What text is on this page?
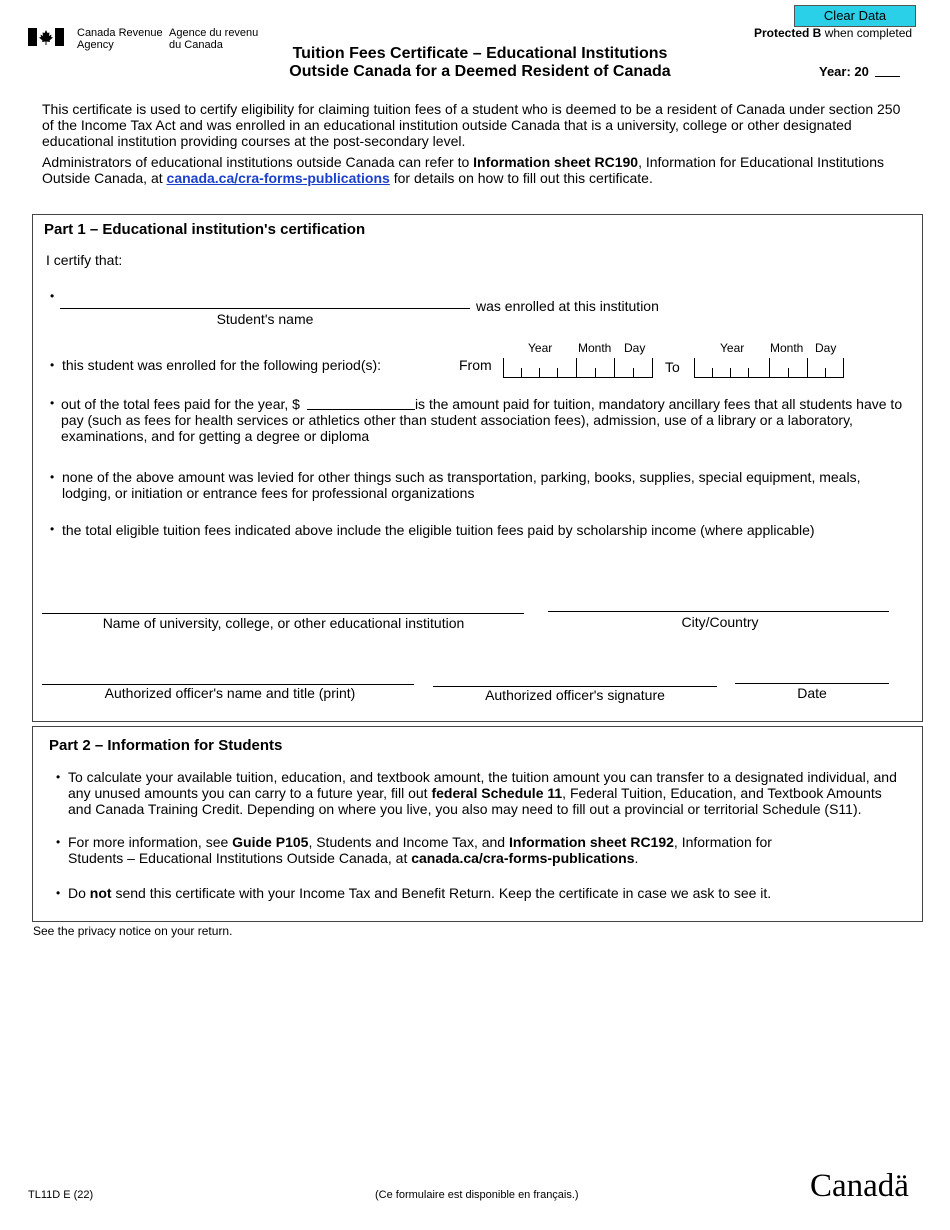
Canada Revenue
Agency
Agence du revenu
du Canada
Clear Data
Protected B when completed
Tuition Fees Certificate – Educational Institutions
Outside Canada for a Deemed Resident of Canada	Year: 20

This certificate is used to certify eligibility for claiming tuition fees of a student who is deemed to be a resident of Canada under section 250 of the Income Tax Act and was enrolled in an educational institution outside Canada that is a university, college or other designated educational institution providing courses at the post-secondary level.

Administrators of educational institutions outside Canada can refer to Information sheet RC190, Information for Educational Institutions Outside Canada, at canada.ca/cra-forms-publications for details on how to fill out this certificate.

Part 1 – Educational institution's certification
I certify that:
•
was enrolled at this institution
Student's name
• this student was enrolled for the following period(s):	From
Year Month Day
To
Year Month Day
• out of the total fees paid for the year, $	is the amount paid for tuition, mandatory ancillary fees that all students have to pay (such as fees for health services or athletics other than student association fees), admission, use of a library or a laboratory, examinations, and for getting a degree or diploma
• none of the above amount was levied for other things such as transportation, parking, books, supplies, special equipment, meals, lodging, or initiation or entrance fees for professional organizations
• the total eligible tuition fees indicated above include the eligible tuition fees paid by scholarship income (where applicable)
Name of university, college, or other educational institution	City/Country
Authorized officer's name and title (print)	Authorized officer's signature	Date
Part 2 – Information for Students
• To calculate your available tuition, education, and textbook amount, the tuition amount you can transfer to a designated individual, and any unused amounts you can carry to a future year, fill out federal Schedule 11, Federal Tuition, Education, and Textbook Amounts and Canada Training Credit. Depending on where you live, you also may need to fill out a provincial or territorial Schedule (S11).
• For more information, see Guide P105, Students and Income Tax, and Information sheet RC192, Information for Students – Educational Institutions Outside Canada, at canada.ca/cra-forms-publications.
• Do not send this certificate with your Income Tax and Benefit Return. Keep the certificate in case we ask to see it.
See the privacy notice on your return.
TL11D E (22)	(Ce formulaire est disponible en français.)	Canadä
